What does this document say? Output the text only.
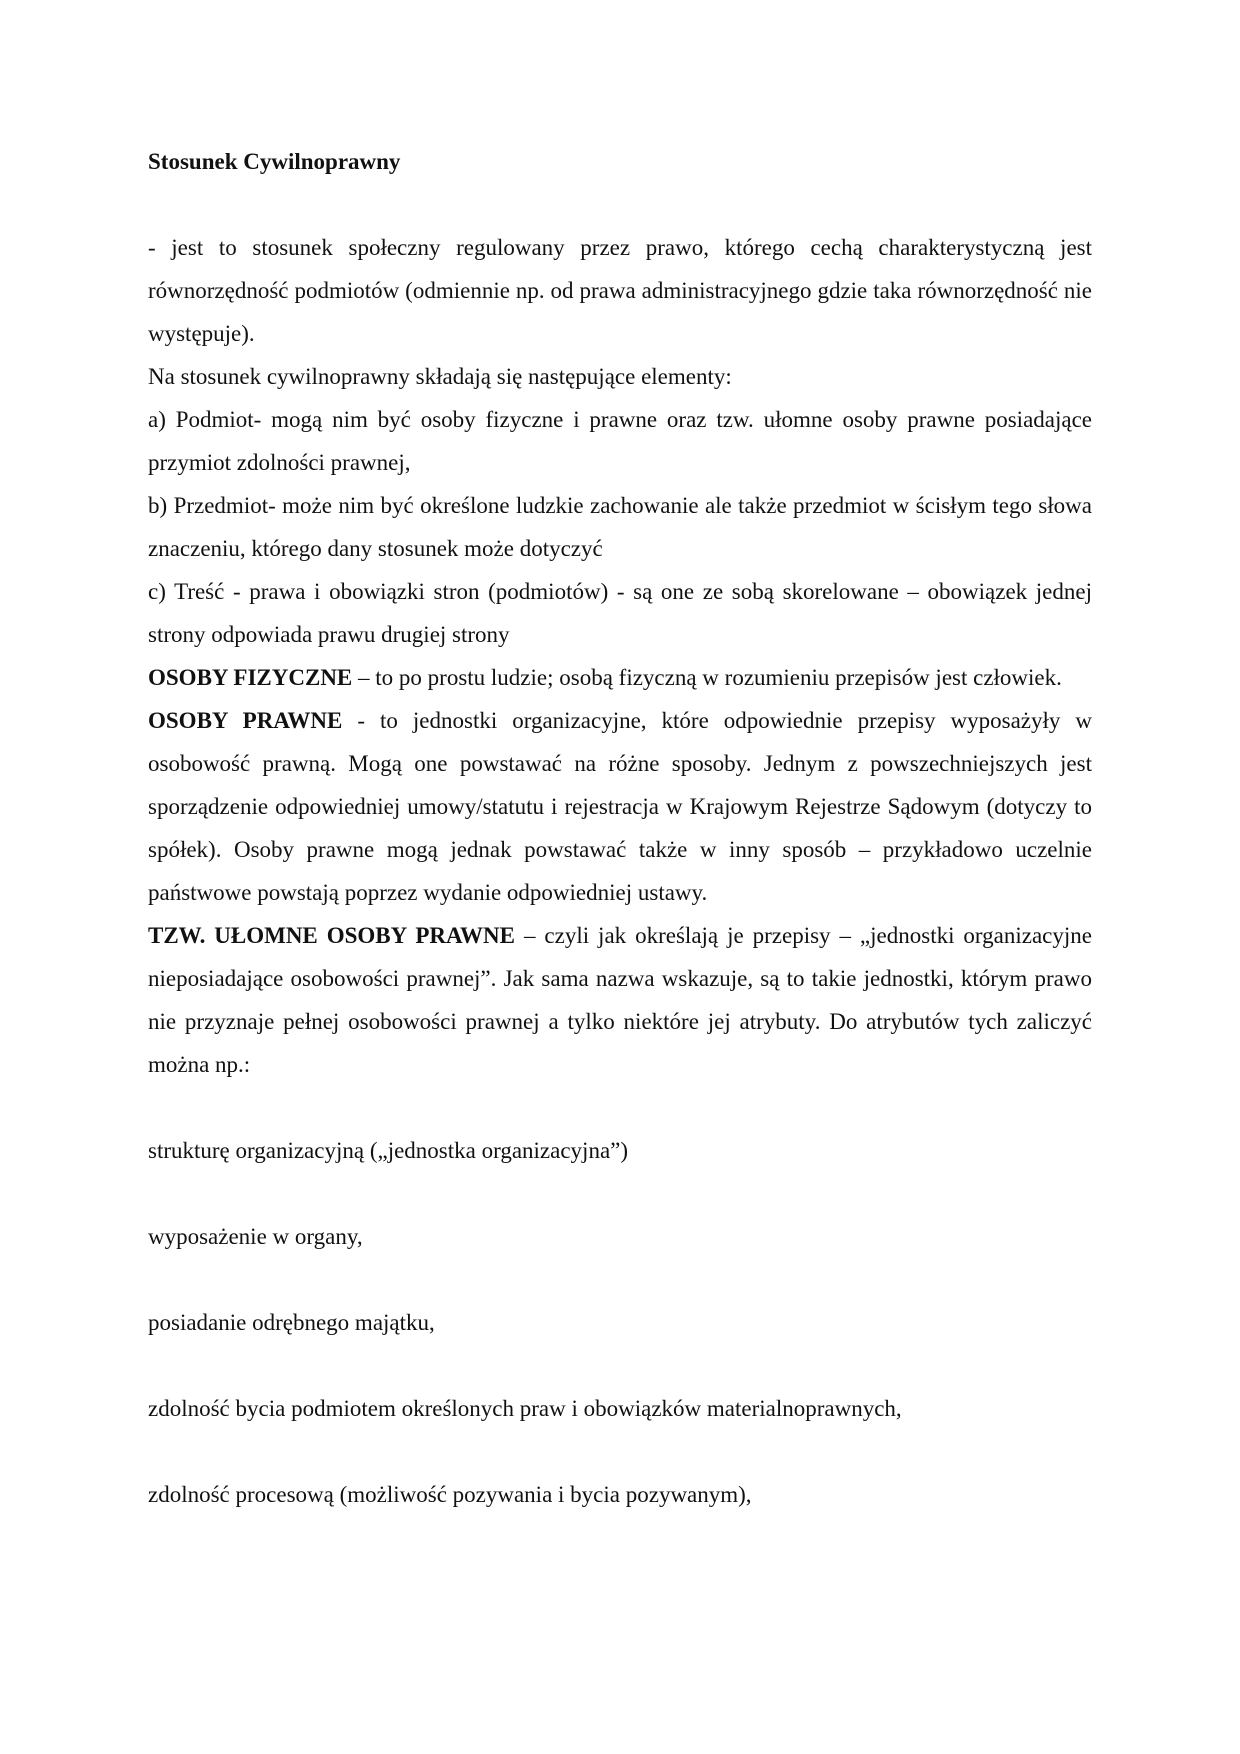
Stosunek Cywilnoprawny

- jest to stosunek społeczny regulowany przez prawo, którego cechą charakterystyczną jest równorzędność podmiotów (odmiennie np. od prawa administracyjnego gdzie taka równorzędność nie występuje).

Na stosunek cywilnoprawny składają się następujące elementy:

a) Podmiot- mogą nim być osoby fizyczne i prawne oraz tzw. ułomne osoby prawne posiadające przymiot zdolności prawnej,

b) Przedmiot- może nim być określone ludzkie zachowanie ale także przedmiot w ścisłym tego słowa znaczeniu, którego dany stosunek może dotyczyć

c) Treść - prawa i obowiązki stron (podmiotów) - są one ze sobą skorelowane – obowiązek jednej strony odpowiada prawu drugiej strony

OSOBY FIZYCZNE – to po prostu ludzie; osobą fizyczną w rozumieniu przepisów jest człowiek.

OSOBY PRAWNE - to jednostki organizacyjne, które odpowiednie przepisy wyposażyły w osobowość prawną. Mogą one powstawać na różne sposoby. Jednym z powszechniejszych jest sporządzenie odpowiedniej umowy/statutu i rejestracja w Krajowym Rejestrze Sądowym (dotyczy to spółek). Osoby prawne mogą jednak powstawać także w inny sposób – przykładowo uczelnie państwowe powstają poprzez wydanie odpowiedniej ustawy.

TZW. UŁOMNE OSOBY PRAWNE – czyli jak określają je przepisy – „jednostki organizacyjne nieposiadające osobowości prawnej”. Jak sama nazwa wskazuje, są to takie jednostki, którym prawo nie przyznaje pełnej osobowości prawnej a tylko niektóre jej atrybuty. Do atrybutów tych zaliczyć można np.:

strukturę organizacyjną („jednostka organizacyjna”)

wyposażenie w organy,

posiadanie odrębnego majątku,

zdolność bycia podmiotem określonych praw i obowiązków materialnoprawnych,

zdolność procesową (możliwość pozywania i bycia pozywanym),
